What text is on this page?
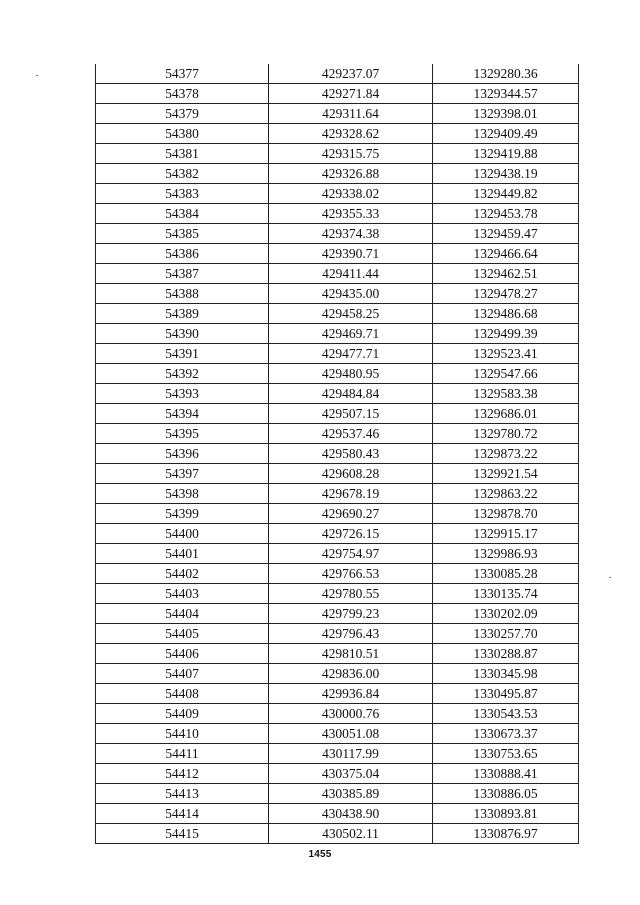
54377	429237.07	1329280.36
54378	429271.84	1329344.57
54379	429311.64	1329398.01
54380	429328.62	1329409.49
54381	429315.75	1329419.88
54382	429326.88	1329438.19
54383	429338.02	1329449.82
54384	429355.33	1329453.78
54385	429374.38	1329459.47
54386	429390.71	1329466.64
54387	429411.44	1329462.51
54388	429435.00	1329478.27
54389	429458.25	1329486.68
54390	429469.71	1329499.39
54391	429477.71	1329523.41
54392	429480.95	1329547.66
54393	429484.84	1329583.38
54394	429507.15	1329686.01
54395	429537.46	1329780.72
54396	429580.43	1329873.22
54397	429608.28	1329921.54
54398	429678.19	1329863.22
54399	429690.27	1329878.70
54400	429726.15	1329915.17
54401	429754.97	1329986.93
54402	429766.53	1330085.28
54403	429780.55	1330135.74
54404	429799.23	1330202.09
54405	429796.43	1330257.70
54406	429810.51	1330288.87
54407	429836.00	1330345.98
54408	429936.84	1330495.87
54409	430000.76	1330543.53
54410	430051.08	1330673.37
54411	430117.99	1330753.65
54412	430375.04	1330888.41
54413	430385.89	1330886.05
54414	430438.90	1330893.81
54415	430502.11	1330876.97
1455
